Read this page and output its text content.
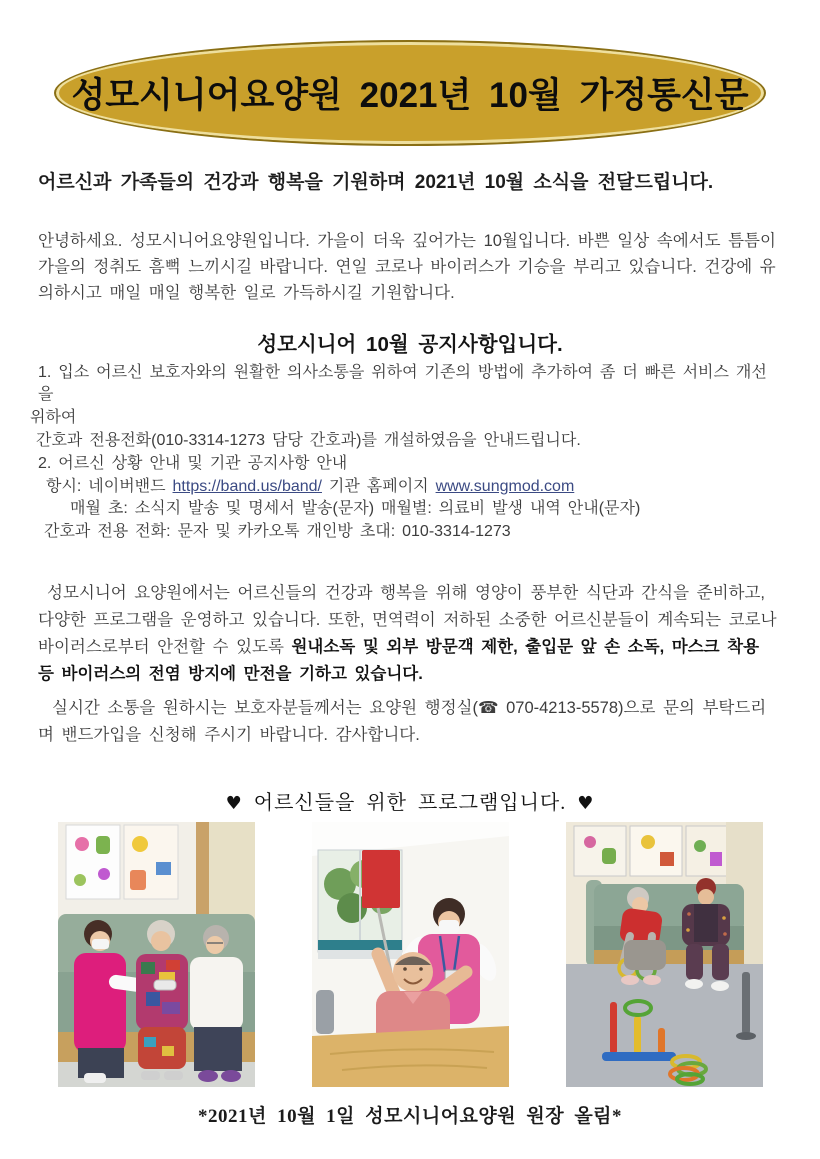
성모시니어요양원 2021년 10월 가정통신문

어르신과 가족들의 건강과 행복을 기원하며 2021년 10월 소식을 전달드립니다.

안녕하세요. 성모시니어요양원입니다. 가을이 더욱 깊어가는 10월입니다. 바쁜 일상 속에서도 틈틈이 가을의 정취도 흠뻑 느끼시길 바랍니다. 연일 코로나 바이러스가 기승을 부리고 있습니다. 건강에 유의하시고 매일 매일 행복한 일로 가득하시길 기원합니다.

성모시니어 10월 공지사항입니다.

1. 입소 어르신 보호자와의 원활한 의사소통을 위하여 기존의 방법에 추가하여 좀 더 빠른 서비스 개선을

위하여

간호과 전용전화(010-3314-1273 담당 간호과)를 개설하였음을 안내드립니다.

2. 어르신 상황 안내 및 기관 공지사항 안내

항시: 네이버밴드 https://band.us/band/ 기관 홈페이지 www.sungmod.com

매월 초: 소식지 발송 및 명세서 발송(문자) 매월별: 의료비 발생 내역 안내(문자)

간호과 전용 전화: 문자 및 카카오톡 개인방 초대: 010-3314-1273

성모시니어 요양원에서는 어르신들의 건강과 행복을 위해 영양이 풍부한 식단과 간식을 준비하고, 다양한 프로그램을 운영하고 있습니다. 또한, 면역력이 저하된 소중한 어르신분들이 계속되는 코로나 바이러스로부터 안전할 수 있도록 원내소독 및 외부 방문객 제한, 출입문 앞 손 소독, 마스크 착용 등 바이러스의 전염 방지에 만전을 기하고 있습니다.

실시간 소통을 원하시는 보호자분들께서는 요양원 행정실(☎ 070-4213-5578)으로 문의 부탁드리며 밴드가입을 신청해 주시기 바랍니다. 감사합니다.

♥ 어르신들을 위한 프로그램입니다. ♥
*2021년 10월 1일 성모시니어요양원 원장 올림*
